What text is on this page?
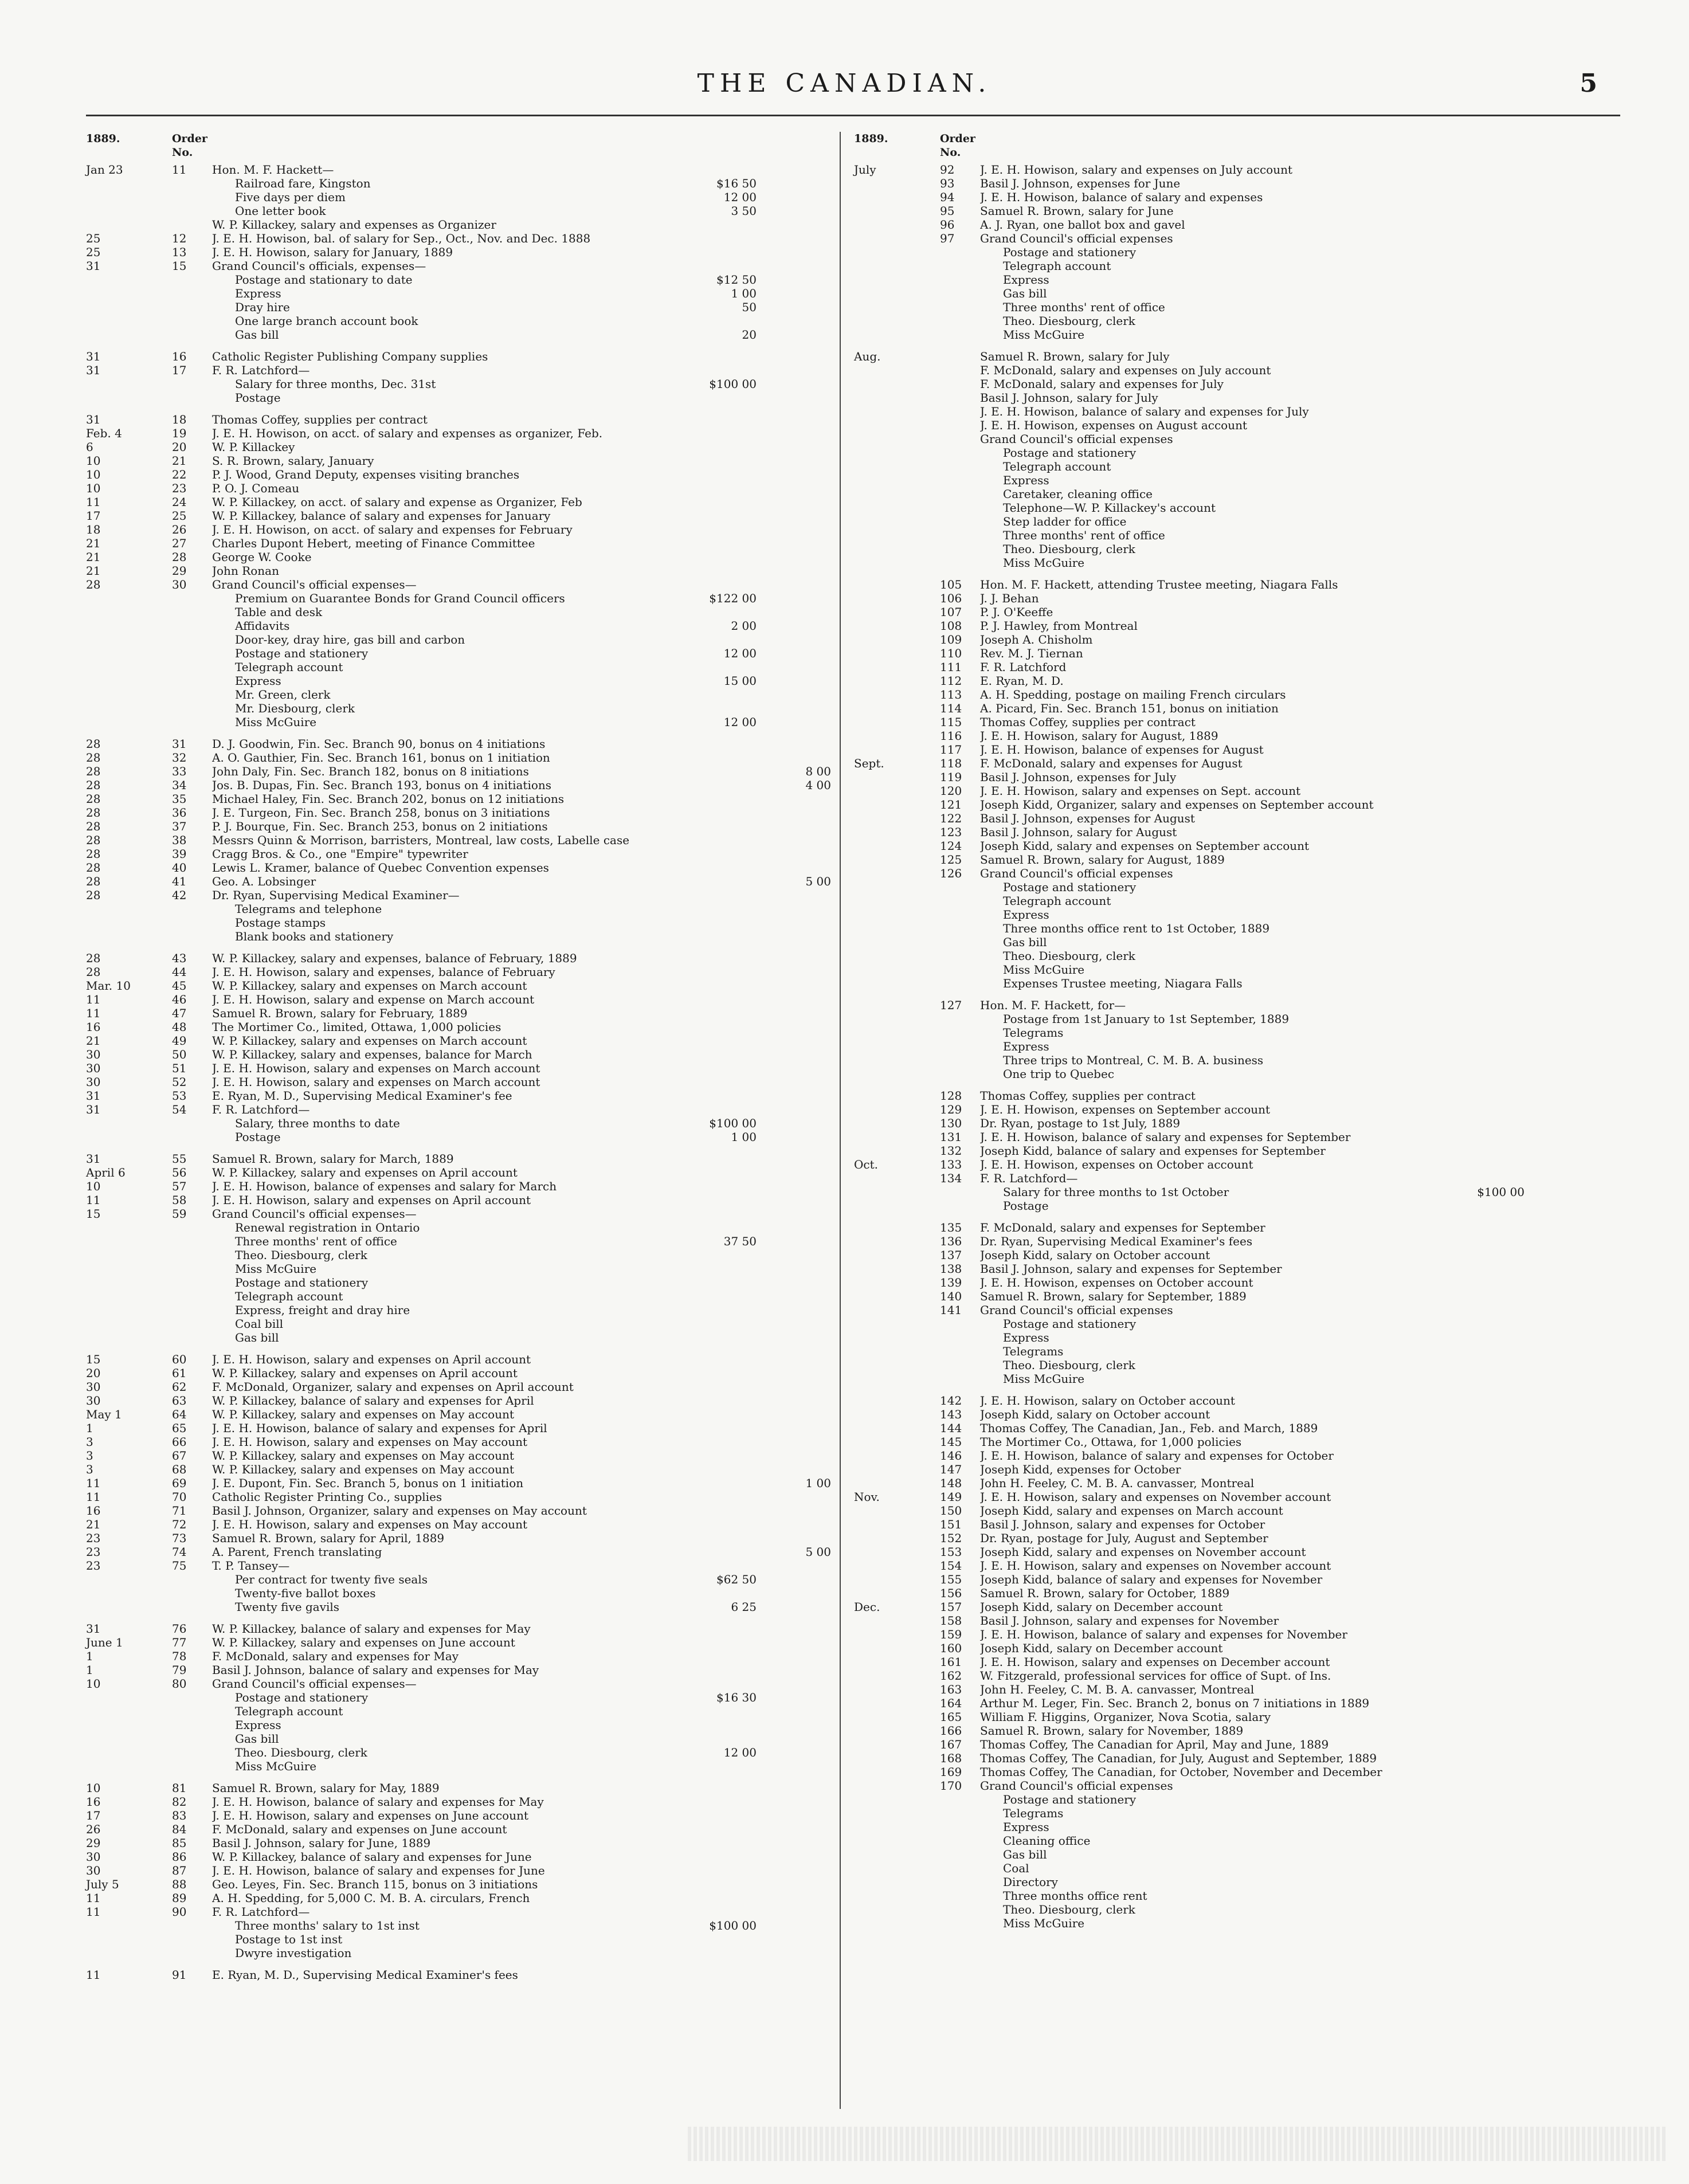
THE CANADIAN.	5
1889.	Order No.
Jan 23	11	Hon. M. F. Hackett—
Railroad fare, Kingston	$16 50
Five days per diem	12 00
One letter book	3 50
W. P. Killackey, salary and expenses as Organizer
25	12	J. E. H. Howison, bal. of salary for Sep., Oct., Nov. and Dec. 1888
25	13	J. E. H. Howison, salary for January, 1889
31	15	Grand Council's officials, expenses—
Postage and stationary to date	$12 50
Express	1 00
Dray hire	50
One large branch account book
Gas bill	20
31	16	Catholic Register Publishing Company supplies
31	17	F. R. Latchford—
Salary for three months, Dec. 31st	$100 00
Postage
31	18	Thomas Coffey, supplies per contract
Feb. 4	19	J. E. H. Howison, on acct. of salary and expenses as organizer, Feb.
6	20	W. P. Killackey
10	21	S. R. Brown, salary, January
10	22	P. J. Wood, Grand Deputy, expenses visiting branches
10	23	P. O. J. Comeau
11	24	W. P. Killackey, on acct. of salary and expense as Organizer, Feb
17	25	W. P. Killackey, balance of salary and expenses for January
18	26	J. E. H. Howison, on acct. of salary and expenses for February
21	27	Charles Dupont Hebert, meeting of Finance Committee
21	28	George W. Cooke
21	29	John Ronan
28	30	Grand Council's official expenses—
Premium on Guarantee Bonds for Grand Council officers	$122 00
Table and desk
Affidavits	2 00
Door-key, dray hire, gas bill and carbon
Postage and stationery	12 00
Telegraph account
Express	15 00
Mr. Green, clerk
Mr. Diesbourg, clerk
Miss McGuire	12 00
28	31	D. J. Goodwin, Fin. Sec. Branch 90, bonus on 4 initiations
28	32	A. O. Gauthier, Fin. Sec. Branch 161, bonus on 1 initiation
28	33	John Daly, Fin. Sec. Branch 182, bonus on 8 initiations	8 00
28	34	Jos. B. Dupas, Fin. Sec. Branch 193, bonus on 4 initiations	4 00
28	35	Michael Haley, Fin. Sec. Branch 202, bonus on 12 initiations
28	36	J. E. Turgeon, Fin. Sec. Branch 258, bonus on 3 initiations
28	37	P. J. Bourque, Fin. Sec. Branch 253, bonus on 2 initiations
28	38	Messrs Quinn & Morrison, barristers, Montreal, law costs, Labelle case
28	39	Cragg Bros. & Co., one "Empire" typewriter
28	40	Lewis L. Kramer, balance of Quebec Convention expenses
28	41	Geo. A. Lobsinger	5 00
28	42	Dr. Ryan, Supervising Medical Examiner—
Telegrams and telephone
Postage stamps
Blank books and stationery
28	43	W. P. Killackey, salary and expenses, balance of February, 1889
28	44	J. E. H. Howison, salary and expenses, balance of February
Mar. 10	45	W. P. Killackey, salary and expenses on March account
11	46	J. E. H. Howison, salary and expense on March account
11	47	Samuel R. Brown, salary for February, 1889
16	48	The Mortimer Co., limited, Ottawa, 1,000 policies
21	49	W. P. Killackey, salary and expenses on March account
30	50	W. P. Killackey, salary and expenses, balance for March
30	51	J. E. H. Howison, salary and expenses on March account
30	52	J. E. H. Howison, salary and expenses on March account
31	53	E. Ryan, M. D., Supervising Medical Examiner's fee
31	54	F. R. Latchford—
Salary, three months to date	$100 00
Postage	1 00
31	55	Samuel R. Brown, salary for March, 1889
April 6	56	W. P. Killackey, salary and expenses on April account
10	57	J. E. H. Howison, balance of expenses and salary for March
11	58	J. E. H. Howison, salary and expenses on April account
15	59	Grand Council's official expenses—
Renewal registration in Ontario
Three months' rent of office	37 50
Theo. Diesbourg, clerk
Miss McGuire
Postage and stationery
Telegraph account
Express, freight and dray hire
Coal bill
Gas bill
15	60	J. E. H. Howison, salary and expenses on April account
20	61	W. P. Killackey, salary and expenses on April account
30	62	F. McDonald, Organizer, salary and expenses on April account
30	63	W. P. Killackey, balance of salary and expenses for April
May 1	64	W. P. Killackey, salary and expenses on May account
1	65	J. E. H. Howison, balance of salary and expenses for April
3	66	J. E. H. Howison, salary and expenses on May account
3	67	W. P. Killackey, salary and expenses on May account
3	68	W. P. Killackey, salary and expenses on May account
11	69	J. E. Dupont, Fin. Sec. Branch 5, bonus on 1 initiation	1 00
11	70	Catholic Register Printing Co., supplies
16	71	Basil J. Johnson, Organizer, salary and expenses on May account
21	72	J. E. H. Howison, salary and expenses on May account
23	73	Samuel R. Brown, salary for April, 1889
23	74	A. Parent, French translating	5 00
23	75	T. P. Tansey—
Per contract for twenty five seals	$62 50
Twenty-five ballot boxes
Twenty five gavils	6 25
31	76	W. P. Killackey, balance of salary and expenses for May
June 1	77	W. P. Killackey, salary and expenses on June account
1	78	F. McDonald, salary and expenses for May
1	79	Basil J. Johnson, balance of salary and expenses for May
10	80	Grand Council's official expenses—
Postage and stationery	$16 30
Telegraph account
Express
Gas bill
Theo. Diesbourg, clerk	12 00
Miss McGuire
10	81	Samuel R. Brown, salary for May, 1889
16	82	J. E. H. Howison, balance of salary and expenses for May
17	83	J. E. H. Howison, salary and expenses on June account
26	84	F. McDonald, salary and expenses on June account
29	85	Basil J. Johnson, salary for June, 1889
30	86	W. P. Killackey, balance of salary and expenses for June
30	87	J. E. H. Howison, balance of salary and expenses for June
July 5	88	Geo. Leyes, Fin. Sec. Branch 115, bonus on 3 initiations
11	89	A. H. Spedding, for 5,000 C. M. B. A. circulars, French
11	90	F. R. Latchford—
Three months' salary to 1st inst	$100 00
Postage to 1st inst
Dwyre investigation
11	91	E. Ryan, M. D., Supervising Medical Examiner's fees
1889.	Order No.
July	92	J. E. H. Howison, salary and expenses on July account
93	Basil J. Johnson, expenses for June
94	J. E. H. Howison, balance of salary and expenses
95	Samuel R. Brown, salary for June
96	A. J. Ryan, one ballot box and gavel
97	Grand Council's official expenses
Postage and stationery
Telegraph account
Express
Gas bill
Three months' rent of office
Theo. Diesbourg, clerk
Miss McGuire
Aug.	Samuel R. Brown, salary for July
F. McDonald, salary and expenses on July account
F. McDonald, salary and expenses for July
Basil J. Johnson, salary for July
J. E. H. Howison, balance of salary and expenses for July
J. E. H. Howison, expenses on August account
Grand Council's official expenses
Postage and stationery
Telegraph account
Express
Caretaker, cleaning office
Telephone—W. P. Killackey's account
Step ladder for office
Three months' rent of office
Theo. Diesbourg, clerk
Miss McGuire
105	Hon. M. F. Hackett, attending Trustee meeting, Niagara Falls
106	J. J. Behan
107	P. J. O'Keeffe
108	P. J. Hawley, from Montreal
109	Joseph A. Chisholm
110	Rev. M. J. Tiernan
111	F. R. Latchford
112	E. Ryan, M. D.
113	A. H. Spedding, postage on mailing French circulars
114	A. Picard, Fin. Sec. Branch 151, bonus on initiation
115	Thomas Coffey, supplies per contract
116	J. E. H. Howison, salary for August, 1889
117	J. E. H. Howison, balance of expenses for August
Sept.	118	F. McDonald, salary and expenses for August
119	Basil J. Johnson, expenses for July
120	J. E. H. Howison, salary and expenses on Sept. account
121	Joseph Kidd, Organizer, salary and expenses on September account
122	Basil J. Johnson, expenses for August
123	Basil J. Johnson, salary for August
124	Joseph Kidd, salary and expenses on September account
125	Samuel R. Brown, salary for August, 1889
126	Grand Council's official expenses
Postage and stationery
Telegraph account
Express
Three months office rent to 1st October, 1889
Gas bill
Theo. Diesbourg, clerk
Miss McGuire
Expenses Trustee meeting, Niagara Falls
127	Hon. M. F. Hackett, for—
Postage from 1st January to 1st September, 1889
Telegrams
Express
Three trips to Montreal, C. M. B. A. business
One trip to Quebec
128	Thomas Coffey, supplies per contract
129	J. E. H. Howison, expenses on September account
130	Dr. Ryan, postage to 1st July, 1889
131	J. E. H. Howison, balance of salary and expenses for September
132	Joseph Kidd, balance of salary and expenses for September
Oct.	133	J. E. H. Howison, expenses on October account
134	F. R. Latchford—
Salary for three months to 1st October	$100 00
Postage
135	F. McDonald, salary and expenses for September
136	Dr. Ryan, Supervising Medical Examiner's fees
137	Joseph Kidd, salary on October account
138	Basil J. Johnson, salary and expenses for September
139	J. E. H. Howison, expenses on October account
140	Samuel R. Brown, salary for September, 1889
141	Grand Council's official expenses
Postage and stationery
Express
Telegrams
Theo. Diesbourg, clerk
Miss McGuire
142	J. E. H. Howison, salary on October account
143	Joseph Kidd, salary on October account
144	Thomas Coffey, The Canadian, Jan., Feb. and March, 1889
145	The Mortimer Co., Ottawa, for 1,000 policies
146	J. E. H. Howison, balance of salary and expenses for October
147	Joseph Kidd, expenses for October
148	John H. Feeley, C. M. B. A. canvasser, Montreal
Nov.	149	J. E. H. Howison, salary and expenses on November account
150	Joseph Kidd, salary and expenses on March account
151	Basil J. Johnson, salary and expenses for October
152	Dr. Ryan, postage for July, August and September
153	Joseph Kidd, salary and expenses on November account
154	J. E. H. Howison, salary and expenses on November account
155	Joseph Kidd, balance of salary and expenses for November
156	Samuel R. Brown, salary for October, 1889
Dec.	157	Joseph Kidd, salary on December account
158	Basil J. Johnson, salary and expenses for November
159	J. E. H. Howison, balance of salary and expenses for November
160	Joseph Kidd, salary on December account
161	J. E. H. Howison, salary and expenses on December account
162	W. Fitzgerald, professional services for office of Supt. of Ins.
163	John H. Feeley, C. M. B. A. canvasser, Montreal
164	Arthur M. Leger, Fin. Sec. Branch 2, bonus on 7 initiations in 1889
165	William F. Higgins, Organizer, Nova Scotia, salary
166	Samuel R. Brown, salary for November, 1889
167	Thomas Coffey, The Canadian for April, May and June, 1889
168	Thomas Coffey, The Canadian, for July, August and September, 1889
169	Thomas Coffey, The Canadian, for October, November and December
170	Grand Council's official expenses
Postage and stationery
Telegrams
Express
Cleaning office
Gas bill
Coal
Directory
Three months office rent
Theo. Diesbourg, clerk
Miss McGuire
